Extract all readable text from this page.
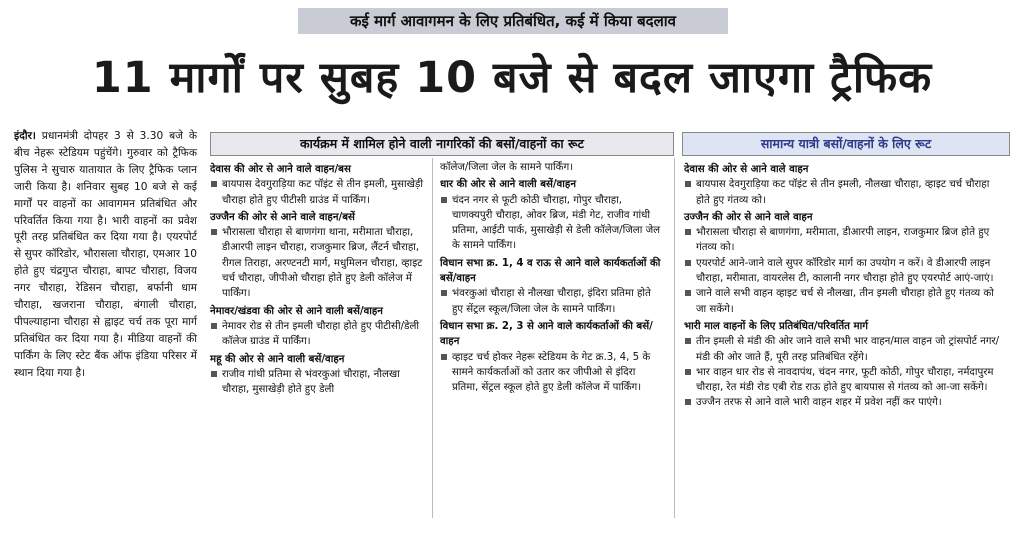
कई मार्ग आवागमन के लिए प्रतिबंधित, कई में किया बदलाव
11 मार्गों पर सुबह 10 बजे से बदल जाएगा ट्रैफिक
इंदौर। प्रधानमंत्री दोपहर 3 से 3.30 बजे के बीच नेहरू स्टेडियम पहुंचेंगे। गुरुवार को ट्रैफिक पुलिस ने सुचारु यातायात के लिए ट्रैफिक प्लान जारी किया है। शनिवार सुबह 10 बजे से कई मार्गों पर वाहनों का आवागमन प्रतिबंधित और परिवर्तित किया गया है। भारी वाहनों का प्रवेश पूरी तरह प्रतिबंधित कर दिया गया है। एयरपोर्ट से सुपर कॉरिडोर, भौरासला चौराहा, एमआर 10 होते हुए चंद्रगुप्त चौराहा, बापट चौराहा, विजय नगर चौराहा, रेडिसन चौराहा, बर्फानी धाम चौराहा, खजराना चौराहा, बंगाली चौराहा, पीपल्याहाना चौराहा से ह्वाइट चर्च तक पूरा मार्ग प्रतिबंधित कर दिया गया है। मीडिया वाहनों की पार्किंग के लिए स्टेट बैंक ऑफ इंडिया परिसर में स्थान दिया गया है।
कार्यक्रम में शामिल होने वाली नागरिकों की बसों/वाहनों का रूट	सामान्य यात्री बसों/वाहनों के लिए रूट
देवास की ओर से आने वाले वाहन/बस
बायपास देवगुराड़िया कट पॉइंट से तीन इमली, मुसाखेड़ी चौराहा होते हुए पीटीसी ग्राउंड में पार्किंग।
उज्जैन की ओर से आने वाले वाहन/बसें
भौरासला चौराहा से बाणगंगा थाना, मरीमाता चौराहा, डीआरपी लाइन चौराहा, राजकुमार ब्रिज, लैंटर्न चौराहा, रीगल तिराहा, अरण्टनटी मार्ग, मधुमिलन चौराहा, व्हाइट चर्च चौराहा, जीपीओ चौराहा होते हुए डेली कॉलेज में पार्किंग।
नेमावर/खंडवा की ओर से आने वाली बसें/वाहन
नेमावर रोड से तीन इमली चौराहा होते हुए पीटीसी/डेली कॉलेज ग्राउंड में पार्किंग।
महू की ओर से आने वाली बसें/वाहन
राजीव गांधी प्रतिमा से भंवरकुआं चौराहा, नौलखा चौराहा, मुसाखेड़ी होते हुए डेली
कॉलेज/जिला जेल के सामने पार्किंग।
धार की ओर से आने वाली बसें/वाहन
चंदन नगर से फूटी कोठी चौराहा, गोपुर चौराहा, चाणक्यपुरी चौराहा, ओवर ब्रिज, मंडी गेट, राजीव गांधी प्रतिमा, आईटी पार्क, मुसाखेड़ी से डेली कॉलेज/जिला जेल के सामने पार्किंग।
विधान सभा क्र. 1, 4 व राऊ से आने वाले कार्यकर्ताओं की बसें/वाहन
भंवरकुआं चौराहा से नौलखा चौराहा, इंदिरा प्रतिमा होते हुए सेंट्रल स्कूल/जिला जेल के सामने पार्किंग।
विधान सभा क्र. 2, 3 से आने वाले कार्यकर्ताओं की बसें/वाहन
व्हाइट चर्च होकर नेहरू स्टेडियम के गेट क्र.3, 4, 5 के सामने कार्यकर्ताओं को उतार कर जीपीओ से इंदिरा प्रतिमा, सेंट्रल स्कूल होते हुए डेली कॉलेज में पार्किंग।
देवास की ओर से आने वाले वाहन
बायपास देवगुराड़िया कट पॉइंट से तीन इमली, नौलखा चौराहा, व्हाइट चर्च चौराहा होते हुए गंतव्य को।
उज्जैन की ओर से आने वाले वाहन
भौरासला चौराहा से बाणगंगा, मरीमाता, डीआरपी लाइन, राजकुमार ब्रिज होते हुए गंतव्य को।
एयरपोर्ट आने-जाने वाले सुपर कॉरिडोर मार्ग का उपयोग न करें। वे डीआरपी लाइन चौराहा, मरीमाता, वायरलेस टी, कालानी नगर चौराहा होते हुए एयरपोर्ट आएं-जाएं।
जाने वाले सभी वाहन व्हाइट चर्च से नौलखा, तीन इमली चौराहा होते हुए गंतव्य को जा सकेंगे।
भारी माल वाहनों के लिए प्रतिबंधित/परिवर्तित मार्ग
तीन इमली से मंडी की ओर जाने वाले सभी भार वाहन/माल वाहन जो ट्रांसपोर्ट नगर/मंडी की ओर जाते हैं, पूरी तरह प्रतिबंधित रहेंगे।
भार वाहन धार रोड से नावदापंथ, चंदन नगर, फूटी कोठी, गोपुर चौराहा, नर्मदापुरम चौराहा, रेत मंडी रोड एबी रोड राऊ होते हुए बायपास से गंतव्य को आ-जा सकेंगे।
उज्जैन तरफ से आने वाले भारी वाहन शहर में प्रवेश नहीं कर पाएंगे।
